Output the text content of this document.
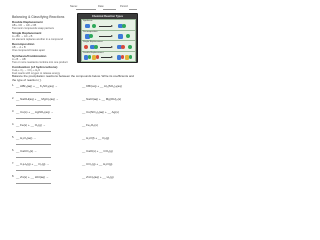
Name:	Date:	Period:
Balancing & Classifying Reactions
Double Replacement
AB + CD → AD + CB
Two ionic compounds swap partners
Single Replacement
A + BC → AC + B
An element replaces another in a compound
Decomposition
AB → A + B
One compound breaks apart
Synthesis/Combination
A + B → AB
Two or more reactants combine into one product
Combustion (of hydrocarbons)
CₓHᵧ + O₂ → CO₂ + H₂O
Fuel reacts with oxygen to release energy
Chemical Reaction Types
Synthesis
Decomposition
Single Replacement
Double Replacement
Balance the precipitation reactions between the compounds below. Write its coefficients and the type of reaction ( ).
1. __ AlBr₃(aq) + __ K₂SO₄(aq) →	__ KBr(aq) + __ Al₂(SO₄)₃(aq)
2. __ NaOH(aq) + __ MgCl₂(aq) →	__ NaCl(aq) + __ Mg(OH)₂(s)
3. __ Cu(s) + __ AgNO₃(aq) →	__ Cu(NO₃)₂(aq) + __ Ag(s)
4. __ Fe(s) + __ O₂(g) →	__ Fe₂O₃(s)
5. __ H₂O₂(aq) →	__ H₂O(l) + __ O₂(g)
6. __ CaCO₃(s) →	__ CaO(s) + __ CO₂(g)
7. __ C₃H₈(g) + __ O₂(g) →	__ CO₂(g) + __ H₂O(g)
8. __ Zn(s) + __ HCl(aq) →	__ ZnCl₂(aq) + __ H₂(g)
